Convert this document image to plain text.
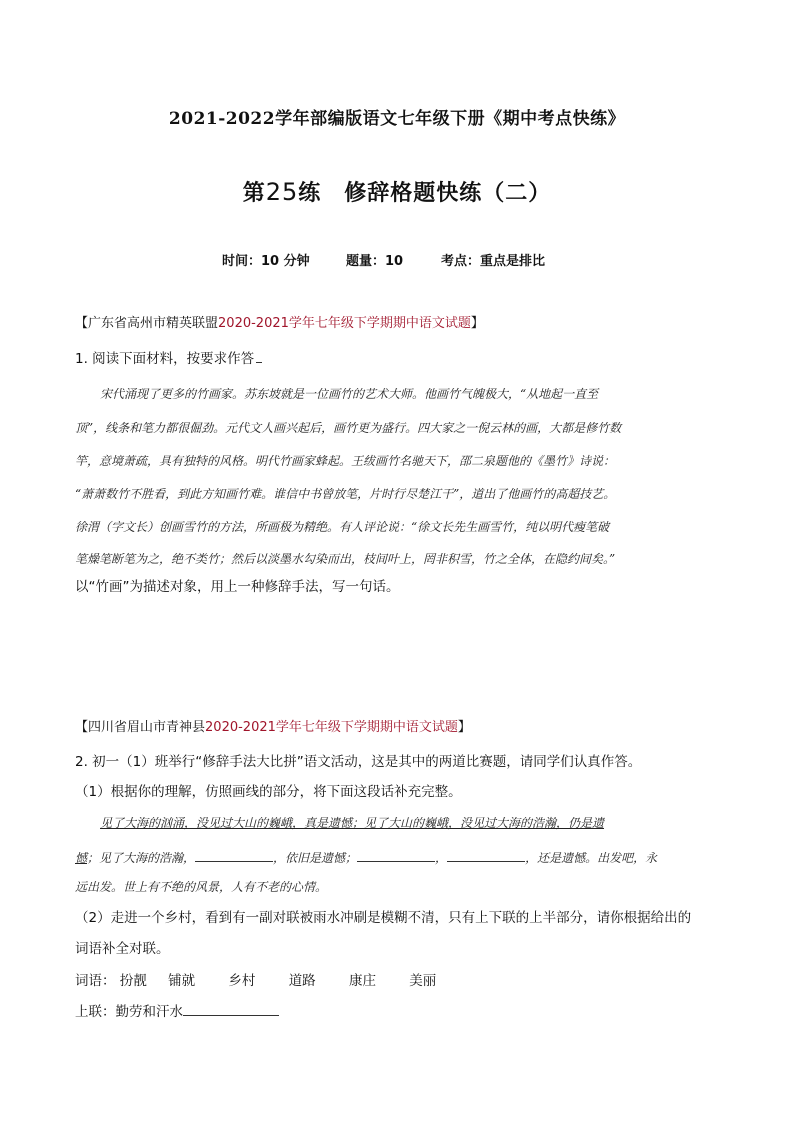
2021-2022学年部编版语文七年级下册《期中考点快练》
第25练　修辞格题快练（二）
时间：10 分钟	题量：10	考点：重点是排比
【广东省高州市精英联盟2020-2021学年七年级下学期期中语文试题】
1. 阅读下面材料，按要求作答
宋代涌现了更多的竹画家。苏东坡就是一位画竹的艺术大师。他画竹气魄极大，“从地起一直至
顶”，线条和笔力都很倔劲。元代文人画兴起后，画竹更为盛行。四大家之一倪云林的画，大都是修竹数
竿，意境萧疏，具有独特的风格。明代竹画家蜂起。王绂画竹名驰天下，邵二泉题他的《墨竹》诗说：
“萧萧数竹不胜看，到此方知画竹难。谁信中书曾放笔，片时行尽楚江干”，道出了他画竹的高超技艺。
徐渭（字文长）创画雪竹的方法，所画极为精绝。有人评论说：“徐文长先生画雪竹，纯以明代瘦笔破
笔燥笔断笔为之，绝不类竹；然后以淡墨水勾染而出，枝间叶上，罔非积雪，竹之全体，在隐约间矣。”
以“竹画”为描述对象，用上一种修辞手法，写一句话。
【四川省眉山市青神县2020-2021学年七年级下学期期中语文试题】
2. 初一（1）班举行“修辞手法大比拼”语文活动，这是其中的两道比赛题，请同学们认真作答。
（1）根据你的理解，仿照画线的部分，将下面这段话补充完整。
见了大海的汹涌，没见过大山的巍峨，真是遗憾；见了大山的巍峨，没见过大海的浩瀚，仍是遗
憾；见了大海的浩瀚，	，依旧是遗憾；	，	，还是遗憾。出发吧，永
远出发。世上有不绝的风景，人有不老的心情。
（2）走进一个乡村，看到有一副对联被雨水冲刷是模糊不清，只有上下联的上半部分，请你根据给出的
词语补全对联。
词语： 扮靓 铺就 乡村 道路 康庄 美丽
上联：勤劳和汗水
